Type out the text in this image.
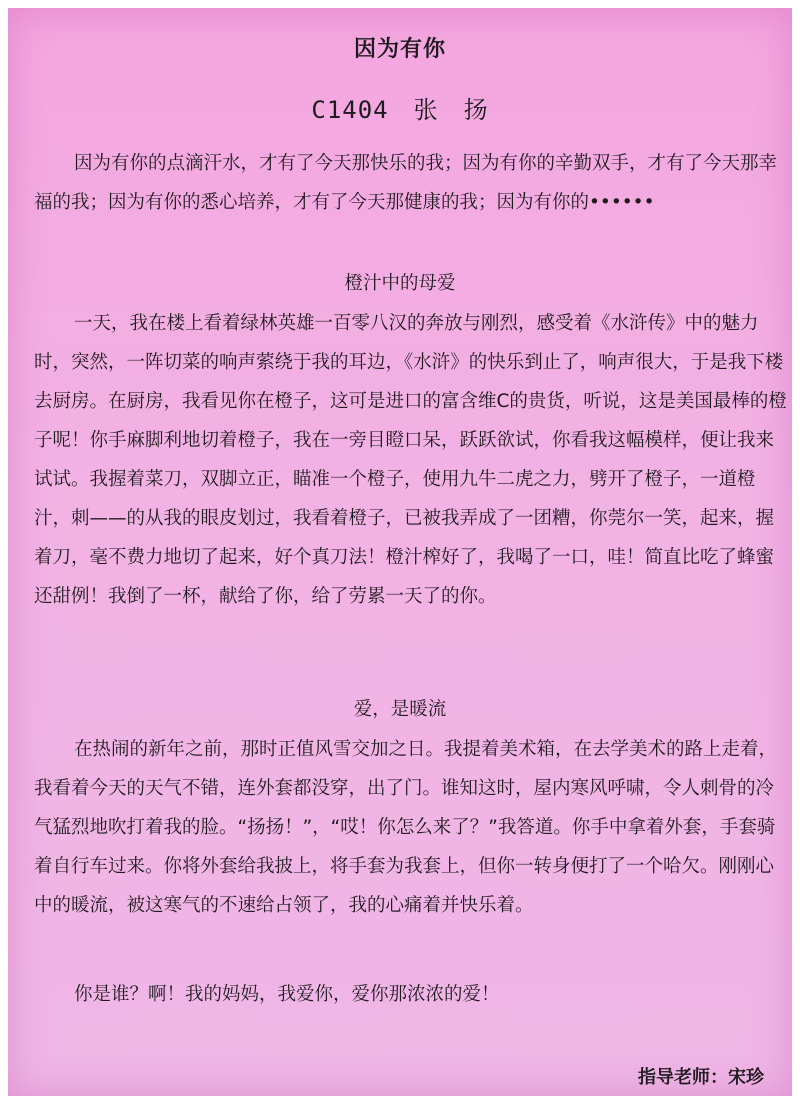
因为有你
C1404　张　扬

因为有你的点滴汗水，才有了今天那快乐的我；因为有你的辛勤双手，才有了今天那幸福的我；因为有你的悉心培养，才有了今天那健康的我；因为有你的••••••

橙汁中的母爱

一天，我在楼上看着绿林英雄一百零八汉的奔放与刚烈，感受着《水浒传》中的魅力时，突然，一阵切菜的响声萦绕于我的耳边，《水浒》的快乐到止了，响声很大，于是我下楼去厨房。在厨房，我看见你在橙子，这可是进口的富含维C的贵货，听说，这是美国最棒的橙子呢！你手麻脚利地切着橙子，我在一旁目瞪口呆，跃跃欲试，你看我这幅模样，便让我来试试。我握着菜刀，双脚立正，瞄准一个橙子，使用九牛二虎之力，劈开了橙子，一道橙汁，刺——的从我的眼皮划过，我看着橙子，已被我弄成了一团糟，你莞尔一笑，起来，握着刀，毫不费力地切了起来，好个真刀法！橙汁榨好了，我喝了一口，哇！简直比吃了蜂蜜还甜例！我倒了一杯，献给了你，给了劳累一天了的你。

爱，是暖流

在热闹的新年之前，那时正值风雪交加之日。我提着美术箱，在去学美术的路上走着，我看着今天的天气不错，连外套都没穿，出了门。谁知这时，屋内寒风呼啸，令人刺骨的冷气猛烈地吹打着我的脸。“扬扬！”，“哎！你怎么来了？”我答道。你手中拿着外套，手套骑着自行车过来。你将外套给我披上，将手套为我套上，但你一转身便打了一个哈欠。刚刚心中的暖流，被这寒气的不速给占领了，我的心痛着并快乐着。

你是谁？啊！我的妈妈，我爱你，爱你那浓浓的爱！

指导老师：宋珍
